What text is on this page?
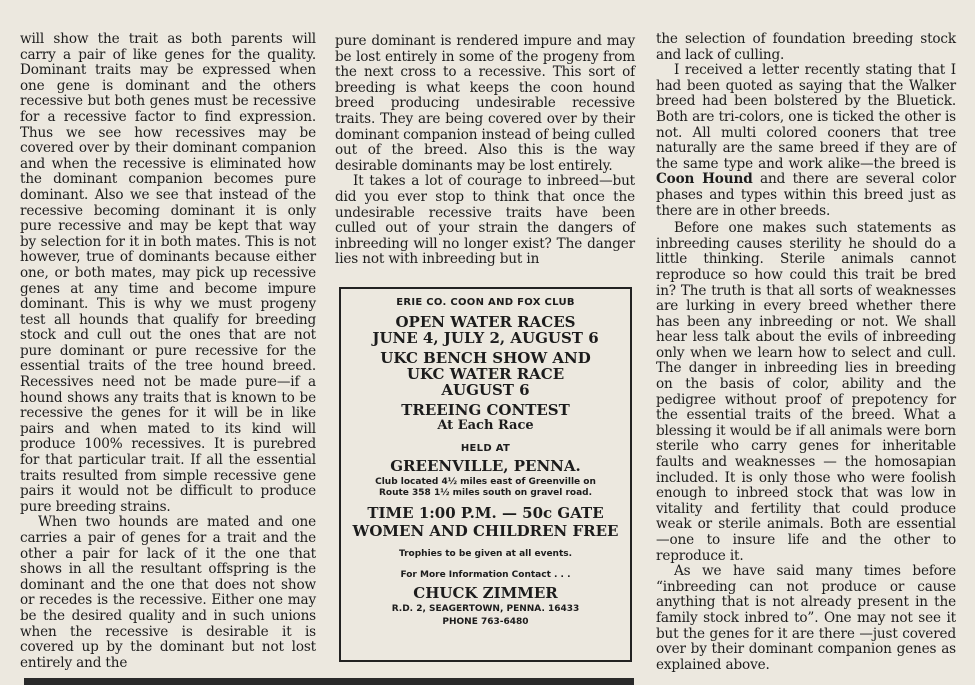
will show the trait as both parents will carry a pair of like genes for the quality. Dominant traits may be expressed when one gene is dominant and the others recessive but both genes must be recessive for a recessive factor to find expression. Thus we see how recessives may be covered over by their dominant companion and when the recessive is eliminated how the dominant companion becomes pure dominant. Also we see that instead of the recessive becoming dominant it is only pure recessive and may be kept that way by selection for it in both mates. This is not however, true of dominants because either one, or both mates, may pick up recessive genes at any time and become impure dominant. This is why we must progeny test all hounds that qualify for breeding stock and cull out the ones that are not pure dominant or pure recessive for the essential traits of the tree hound breed. Recessives need not be made pure—if a hound shows any traits that is known to be recessive the genes for it will be in like pairs and when mated to its kind will produce 100% recessives. It is purebred for that particular trait. If all the essential traits resulted from simple recessive gene pairs it would not be difficult to produce pure breeding strains.

When two hounds are mated and one carries a pair of genes for a trait and the other a pair for lack of it the one that shows in all the resultant offspring is the dominant and the one that does not show or recedes is the recessive. Either one may be the desired quality and in such unions when the recessive is desirable it is covered up by the dominant but not lost entirely and the

pure dominant is rendered impure and may be lost entirely in some of the progeny from the next cross to a recessive. This sort of breeding is what keeps the coon hound breed producing undesirable recessive traits. They are being covered over by their dominant companion instead of being culled out of the breed. Also this is the way desirable dominants may be lost entirely.

It takes a lot of courage to inbreed—but did you ever stop to think that once the undesirable recessive traits have been culled out of your strain the dangers of inbreeding will no longer exist? The danger lies not with inbreeding but in

ERIE CO. COON AND FOX CLUB
OPEN WATER RACES
JUNE 4, JULY 2, AUGUST 6
UKC BENCH SHOW AND
UKC WATER RACE
AUGUST 6
TREEING CONTEST
At Each Race
HELD AT
GREENVILLE, PENNA.
Club located 4½ miles east of Greenville on
Route 358 1½ miles south on gravel road.
TIME 1:00 P.M. — 50c GATE
WOMEN AND CHILDREN FREE
Trophies to be given at all events.
For More Information Contact . . .
CHUCK ZIMMER
R.D. 2, SEAGERTOWN, PENNA. 16433
PHONE 763-6480

the selection of foundation breeding stock and lack of culling.

I received a letter recently stating that I had been quoted as saying that the Walker breed had been bolstered by the Bluetick. Both are tri-colors, one is ticked the other is not. All multi colored cooners that tree naturally are the same breed if they are of the same type and work alike—the breed is Coon Hound and there are several color phases and types within this breed just as there are in other breeds.

Before one makes such statements as inbreeding causes sterility he should do a little thinking. Sterile animals cannot reproduce so how could this trait be bred in? The truth is that all sorts of weaknesses are lurking in every breed whether there has been any inbreeding or not. We shall hear less talk about the evils of inbreeding only when we learn how to select and cull. The danger in inbreeding lies in breeding on the basis of color, ability and the pedigree without proof of prepotency for the essential traits of the breed. What a blessing it would be if all animals were born sterile who carry genes for inheritable faults and weaknesses — the homosapian included. It is only those who were foolish enough to inbreed stock that was low in vitality and fertility that could produce weak or sterile animals. Both are essential—one to insure life and the other to reproduce it.

As we have said many times before “inbreeding can not produce or cause anything that is not already present in the family stock inbred to”. One may not see it but the genes for it are there —just covered over by their dominant companion genes as explained above.
